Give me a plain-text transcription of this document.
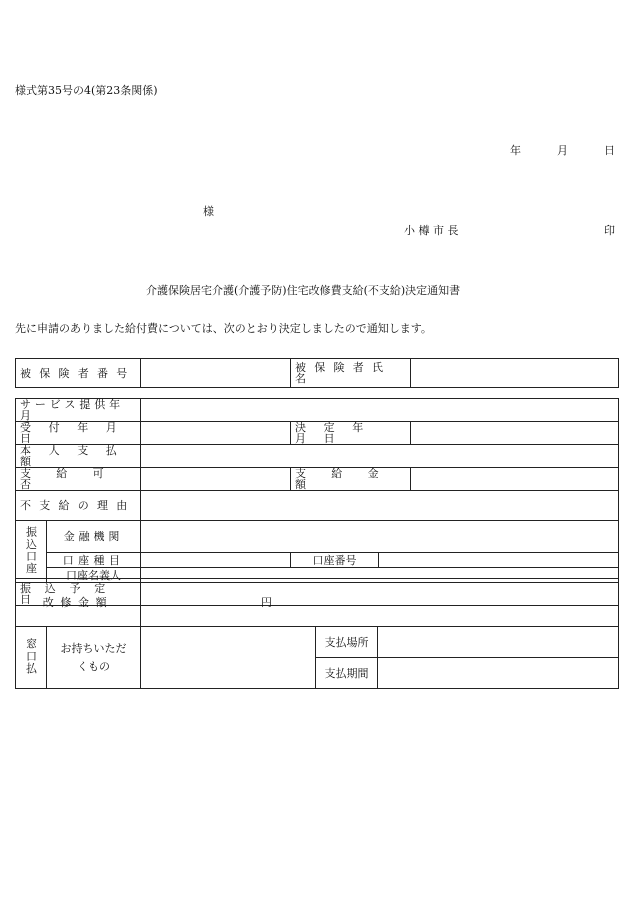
様式第35号の4(第23条関係)
年	月	日
様
小 樽 市 長	印
介護保険居宅介護(介護予防)住宅改修費支給(不支給)決定通知書
先に申請のありました給付費については、次のとおり決定しましたので通知します。
被保険者番号		被保険者氏名	
サービス提供年月					
受付年月日			決定年月日		
本人支払額					
支給可否			支給金額		
不支給の理由					
振込口座	金融機関				
	口座種目		口座番号		
	口座名義人				
振込予定日					
改修金額		円		
窓口払	お持ちいただくもの		支払場所	
			支払期間	
